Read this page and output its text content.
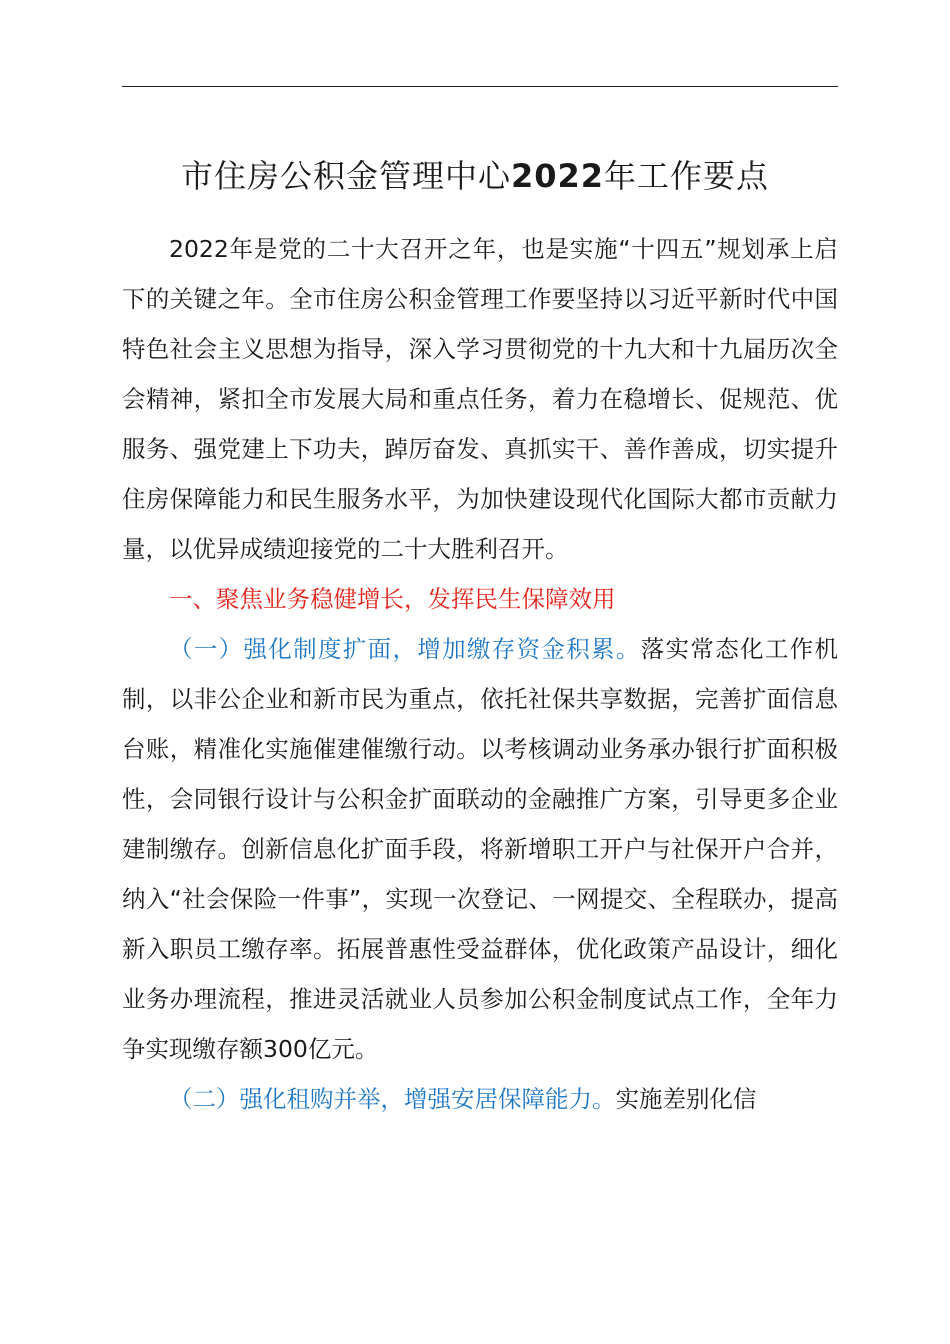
市住房公积金管理中心2022年工作要点

2022年是党的二十大召开之年，也是实施“十四五”规划承上启下的关键之年。全市住房公积金管理工作要坚持以习近平新时代中国特色社会主义思想为指导，深入学习贯彻党的十九大和十九届历次全会精神，紧扣全市发展大局和重点任务，着力在稳增长、促规范、优服务、强党建上下功夫，踔厉奋发、真抓实干、善作善成，切实提升住房保障能力和民生服务水平，为加快建设现代化国际大都市贡献力量，以优异成绩迎接党的二十大胜利召开。

一、聚焦业务稳健增长，发挥民生保障效用

（一）强化制度扩面，增加缴存资金积累。落实常态化工作机制，以非公企业和新市民为重点，依托社保共享数据，完善扩面信息台账，精准化实施催建催缴行动。以考核调动业务承办银行扩面积极性，会同银行设计与公积金扩面联动的金融推广方案，引导更多企业建制缴存。创新信息化扩面手段，将新增职工开户与社保开户合并，纳入“社会保险一件事”，实现一次登记、一网提交、全程联办，提高新入职员工缴存率。拓展普惠性受益群体，优化政策产品设计，细化业务办理流程，推进灵活就业人员参加公积金制度试点工作，全年力争实现缴存额300亿元。

（二）强化租购并举，增强安居保障能力。实施差别化信
